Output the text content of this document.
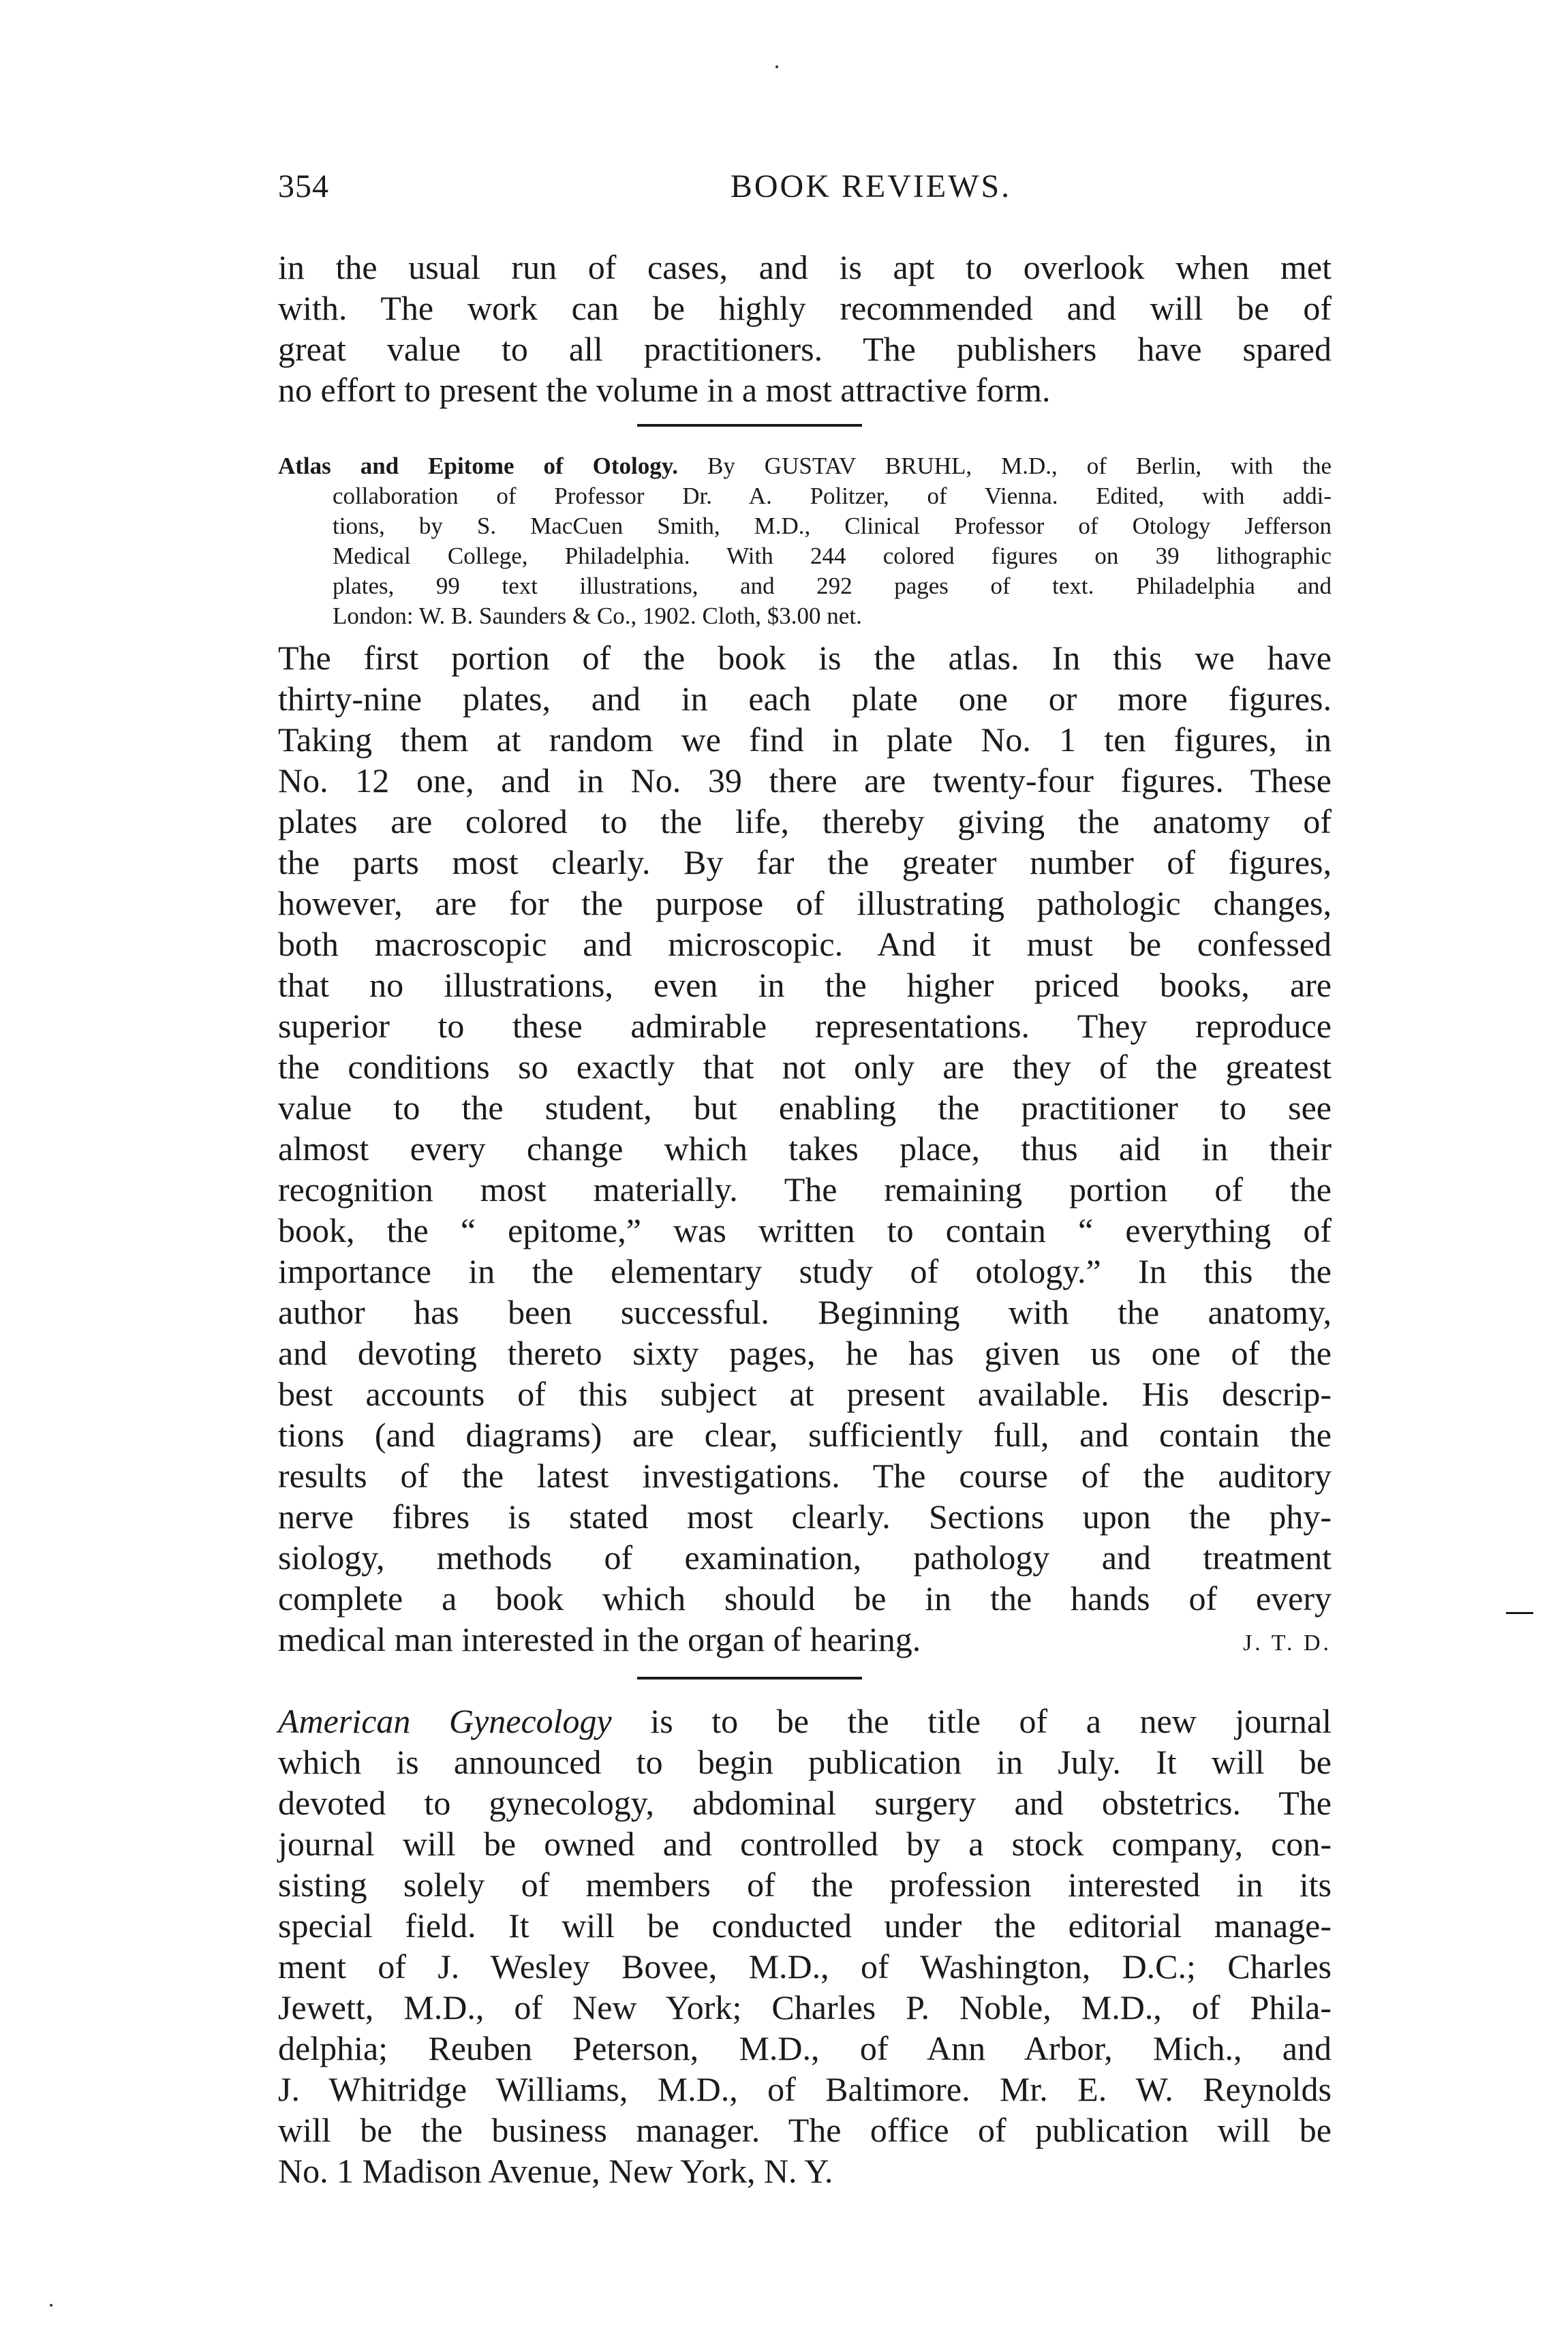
354	BOOK REVIEWS.

in the usual run of cases, and is apt to overlook when met
with. The work can be highly recommended and will be of
great value to all practitioners. The publishers have spared
no effort to present the volume in a most attractive form.

Atlas and Epitome of Otology. By GUSTAV BRUHL, M.D., of Berlin, with the
collaboration of Professor Dr. A. Politzer, of Vienna. Edited, with addi-
tions, by S. MacCuen Smith, M.D., Clinical Professor of Otology Jefferson
Medical College, Philadelphia. With 244 colored figures on 39 lithographic
plates, 99 text illustrations, and 292 pages of text. Philadelphia and
London: W. B. Saunders & Co., 1902. Cloth, $3.00 net.

The first portion of the book is the atlas. In this we have
thirty-nine plates, and in each plate one or more figures.
Taking them at random we find in plate No. 1 ten figures, in
No. 12 one, and in No. 39 there are twenty-four figures. These
plates are colored to the life, thereby giving the anatomy of
the parts most clearly. By far the greater number of figures,
however, are for the purpose of illustrating pathologic changes,
both macroscopic and microscopic. And it must be confessed
that no illustrations, even in the higher priced books, are
superior to these admirable representations. They reproduce
the conditions so exactly that not only are they of the greatest
value to the student, but enabling the practitioner to see
almost every change which takes place, thus aid in their
recognition most materially. The remaining portion of the
book, the “ epitome,” was written to contain “ everything of
importance in the elementary study of otology.” In this the
author has been successful. Beginning with the anatomy,
and devoting thereto sixty pages, he has given us one of the
best accounts of this subject at present available. His descrip-
tions (and diagrams) are clear, sufficiently full, and contain the
results of the latest investigations. The course of the auditory
nerve fibres is stated most clearly. Sections upon the phy-
siology, methods of examination, pathology and treatment
complete a book which should be in the hands of every
J. T. D.
medical man interested in the organ of hearing.

American Gynecology is to be the title of a new journal
which is announced to begin publication in July. It will be
devoted to gynecology, abdominal surgery and obstetrics. The
journal will be owned and controlled by a stock company, con-
sisting solely of members of the profession interested in its
special field. It will be conducted under the editorial manage-
ment of J. Wesley Bovee, M.D., of Washington, D.C.; Charles
Jewett, M.D., of New York; Charles P. Noble, M.D., of Phila-
delphia; Reuben Peterson, M.D., of Ann Arbor, Mich., and
J. Whitridge Williams, M.D., of Baltimore. Mr. E. W. Reynolds
will be the business manager. The office of publication will be
No. 1 Madison Avenue, New York, N. Y.
